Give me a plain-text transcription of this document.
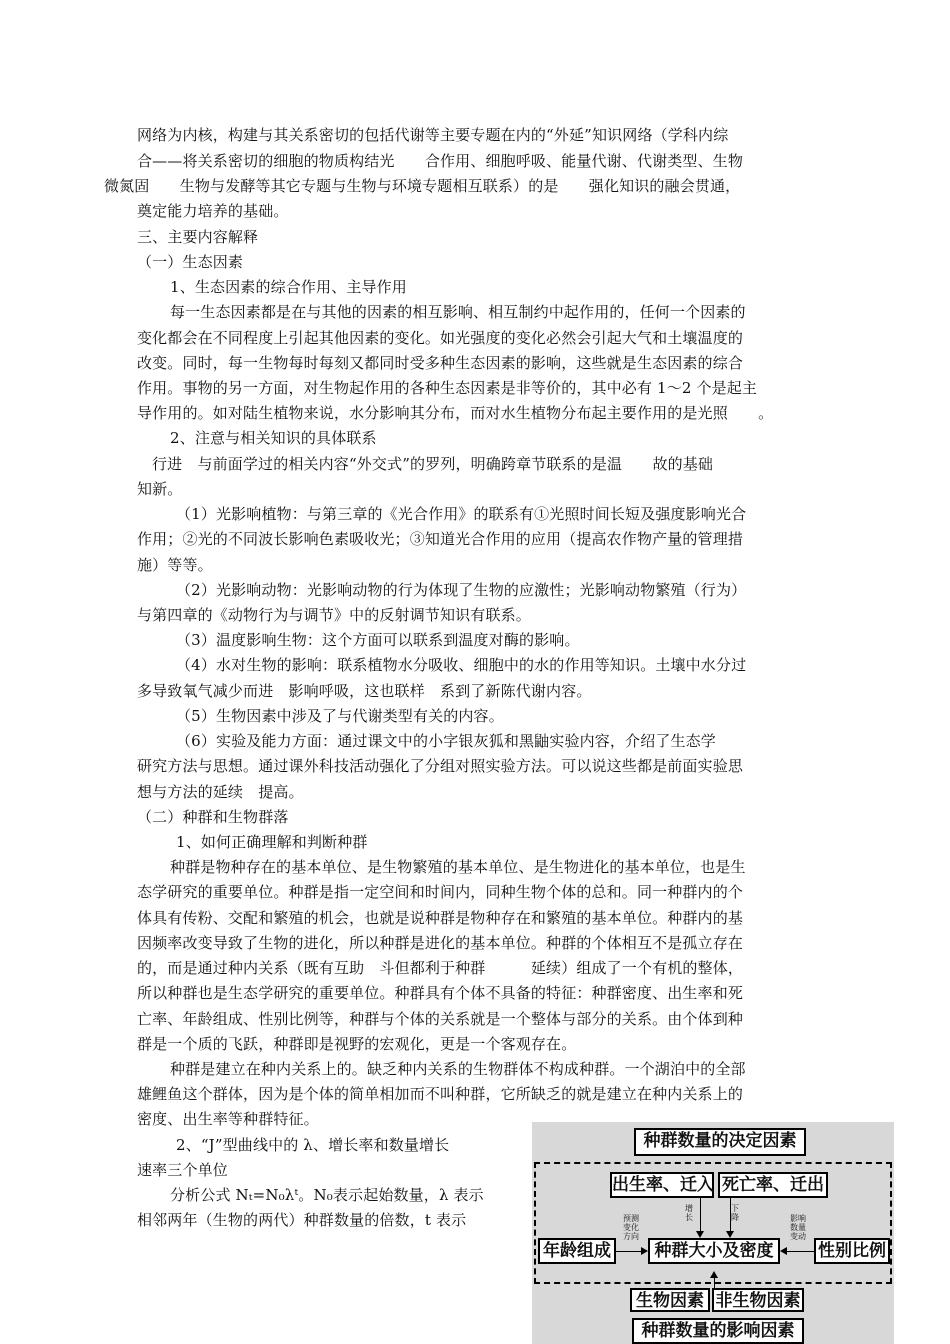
网络为内核，构建与其关系密切的包括代谢等主要专题在内的“外延”知识网络（学科内综
合——将关系密切的细胞的物质构结光　　合作用、细胞呼吸、能量代谢、代谢类型、生物
微氮固　　生物与发酵等其它专题与生物与环境专题相互联系）的是　　强化知识的融会贯通，
奠定能力培养的基础。
三、主要内容解释
（一）生态因素
1、生态因素的综合作用、主导作用
每一生态因素都是在与其他的因素的相互影响、相互制约中起作用的，任何一个因素的
变化都会在不同程度上引起其他因素的变化。如光强度的变化必然会引起大气和土壤温度的
改变。同时，每一生物每时每刻又都同时受多种生态因素的影响，这些就是生态因素的综合
作用。事物的另一方面，对生物起作用的各种生态因素是非等价的，其中必有 1～2 个是起主
导作用的。如对陆生植物来说，水分影响其分布，而对水生植物分布起主要作用的是光照　　。
2、注意与相关知识的具体联系
行进　与前面学过的相关内容“外交式”的罗列，明确跨章节联系的是温　　故的基础
知新。
（1）光影响植物：与第三章的《光合作用》的联系有①光照时间长短及强度影响光合
作用；②光的不同波长影响色素吸收光；③知道光合作用的应用（提高农作物产量的管理措
施）等等。
（2）光影响动物：光影响动物的行为体现了生物的应激性；光影响动物繁殖（行为）
与第四章的《动物行为与调节》中的反射调节知识有联系。
（3）温度影响生物：这个方面可以联系到温度对酶的影响。
（4）水对生物的影响：联系植物水分吸收、细胞中的水的作用等知识。土壤中水分过
多导致氧气减少而进　影响呼吸，这也联样　系到了新陈代谢内容。
（5）生物因素中涉及了与代谢类型有关的内容。
（6）实验及能力方面：通过课文中的小字银灰狐和黑鼬实验内容，介绍了生态学
研究方法与思想。通过课外科技活动强化了分组对照实验方法。可以说这些都是前面实验思
想与方法的延续　提高。
（二）种群和生物群落
1、如何正确理解和判断种群
种群是物种存在的基本单位、是生物繁殖的基本单位、是生物进化的基本单位，也是生
态学研究的重要单位。种群是指一定空间和时间内，同种生物个体的总和。同一种群内的个
体具有传粉、交配和繁殖的机会，也就是说种群是物种存在和繁殖的基本单位。种群内的基
因频率改变导致了生物的进化，所以种群是进化的基本单位。种群的个体相互不是孤立存在
的，而是通过种内关系（既有互助　斗但都利于种群　　　延续）组成了一个有机的整体，
所以种群也是生态学研究的重要单位。种群具有个体不具备的特征：种群密度、出生率和死
亡率、年龄组成、性别比例等，种群与个体的关系就是一个整体与部分的关系。由个体到种
群是一个质的飞跃，种群即是视野的宏观化，更是一个客观存在。
种群是建立在种内关系上的。缺乏种内关系的生物群体不构成种群。一个湖泊中的全部
雄鲤鱼这个群体，因为是个体的简单相加而不叫种群，它所缺乏的就是建立在种内关系上的
密度、出生率等种群特征。
2、“J”型曲线中的 λ、增长率和数量增长
速率三个单位
分析公式 Nₜ=N₀λᵗ。N₀表示起始数量，λ 表示
相邻两年（生物的两代）种群数量的倍数，t 表示
种群数量的决定因素
出生率、迁入 死亡率、迁出
年龄组成	种群大小及密度	性别比例
生物因素 非生物因素
种群数量的影响因素
预测
变化
方向
增
长
下
降	影响
数量
变动
